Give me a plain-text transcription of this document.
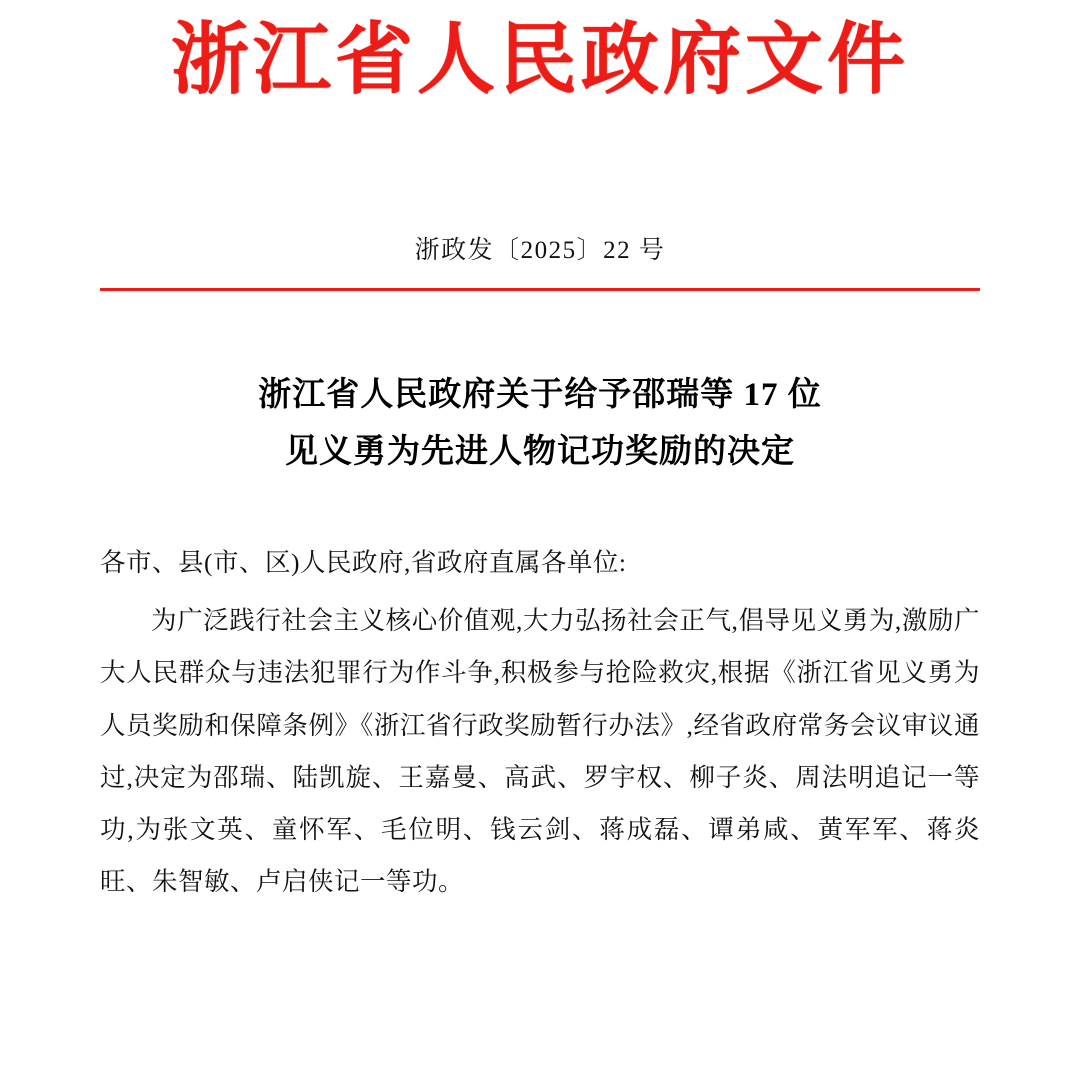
浙江省人民政府文件
浙政发〔2025〕22 号
浙江省人民政府关于给予邵瑞等 17 位
见义勇为先进人物记功奖励的决定

各市、县(市、区)人民政府,省政府直属各单位:

为广泛践行社会主义核心价值观,大力弘扬社会正气,倡导见义勇为,激励广大人民群众与违法犯罪行为作斗争,积极参与抢险救灾,根据《浙江省见义勇为人员奖励和保障条例》《浙江省行政奖励暂行办法》,经省政府常务会议审议通过,决定为邵瑞、陆凯旋、王嘉曼、高武、罗宇权、柳子炎、周法明追记一等功,为张文英、童怀军、毛位明、钱云剑、蒋成磊、谭弟咸、黄军军、蒋炎旺、朱智敏、卢启侠记一等功。
